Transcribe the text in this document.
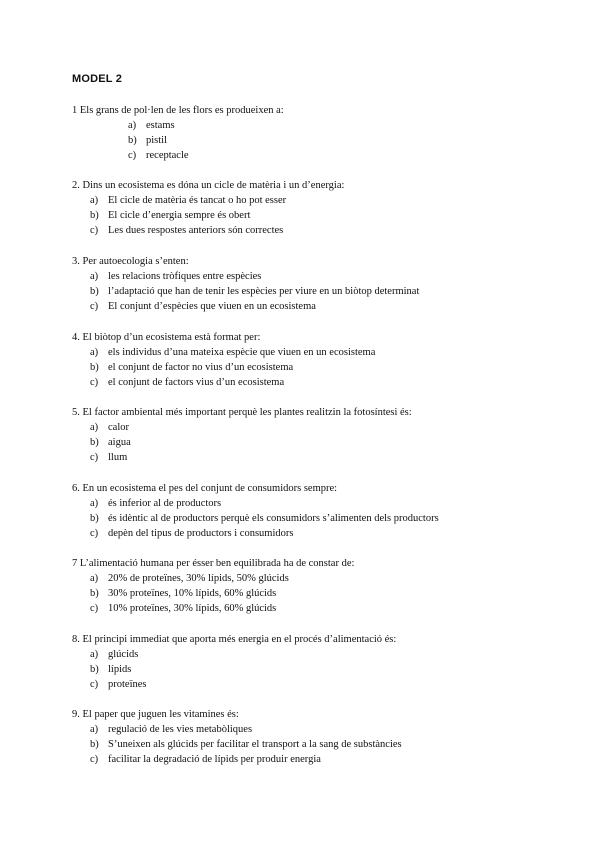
MODEL 2

1 Els grans de pol·len de les flors es produeixen a:

a) estams
b) pistil
c) receptacle

2. Dins un ecosistema es dóna un cicle de matèria i un d’energia:

a) El cicle de matèria és tancat o ho pot esser
b) El cicle d’energia sempre és obert
c) Les dues respostes anteriors són correctes

3. Per autoecologia s’enten:

a) les relacions tròfiques entre espècies
b) l’adaptació que han de tenir les espècies per viure en un biòtop determinat
c) El conjunt d’espècies que viuen en un ecosistema

4. El biòtop d’un ecosistema està format per:

a) els individus d’una mateixa espècie que viuen en un ecosistema
b) el conjunt de factor no vius d’un ecosistema
c) el conjunt de factors vius d’un ecosistema

5. El factor ambiental més important perquè les plantes realitzin la fotosíntesi és:

a) calor
b) aigua
c) llum

6. En un ecosistema el pes del conjunt de consumidors sempre:

a) és inferior al de productors
b) és idèntic al de productors perquè els consumidors s’alimenten dels productors
c) depèn del tipus de productors i consumidors

7 L’alimentació humana per ésser ben equilibrada ha de constar de:

a) 20% de proteïnes, 30% lípids, 50% glúcids
b) 30% proteïnes, 10% lípids, 60% glúcids
c) 10% proteïnes, 30% lípids, 60% glúcids

8. El principi immediat que aporta més energia en el procés d’alimentació és:

a) glúcids
b) lípids
c) proteïnes

9. El paper que juguen les vitamines és:

a) regulació de les vies metabòliques
b) S’uneixen als glúcids per facilitar el transport a la sang de substàncies
c) facilitar la degradació de lípids per produir energia
